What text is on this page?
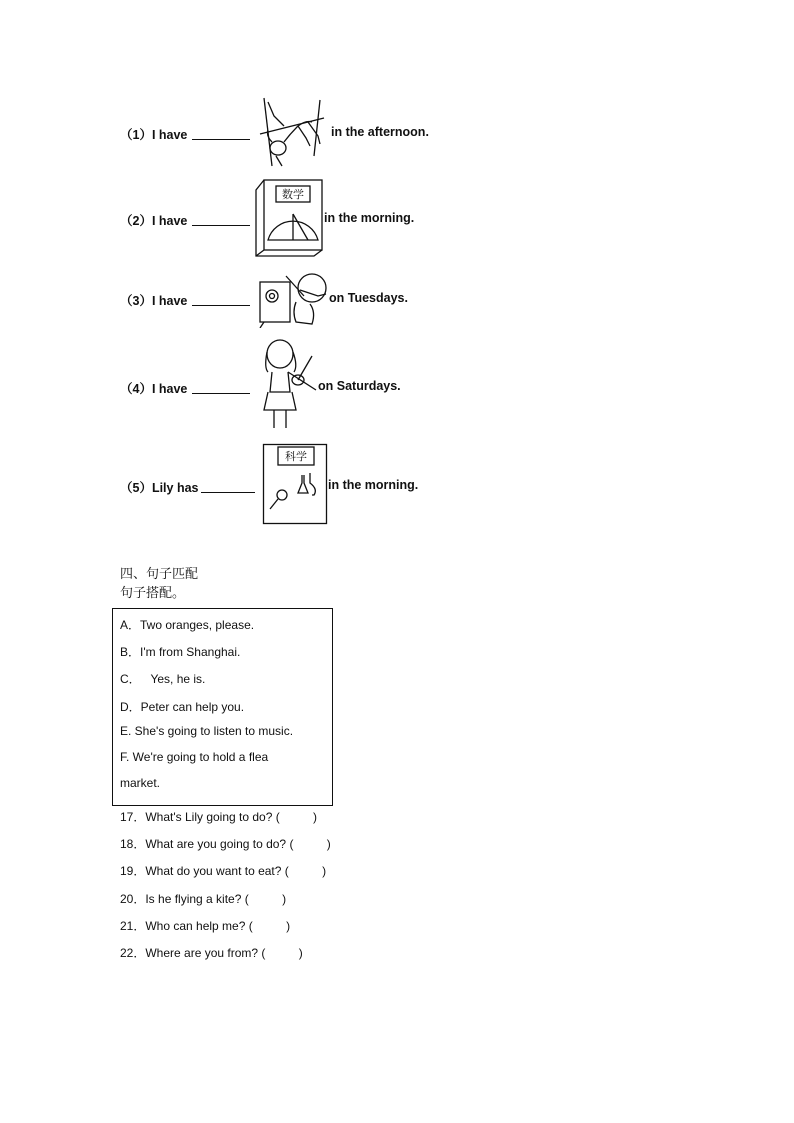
（1）I have	in the afternoon.
（2）I have	in the morning.
数学
（3）I have	on Tuesdays.
（4）I have	on Saturdays.
（5）Lily has	in the morning.
科学
四、句子匹配
句子搭配。
A．Two oranges, please.
B．I'm from Shanghai.
C．   Yes, he is.
D．Peter can help you.
E. She's going to listen to music.
F. We're going to hold a flea
market.
17．What's Lily going to do? (          )
18．What are you going to do? (          )
19．What do you want to eat? (          )
20．Is he flying a kite? (          )
21．Who can help me? (          )
22．Where are you from? (          )
